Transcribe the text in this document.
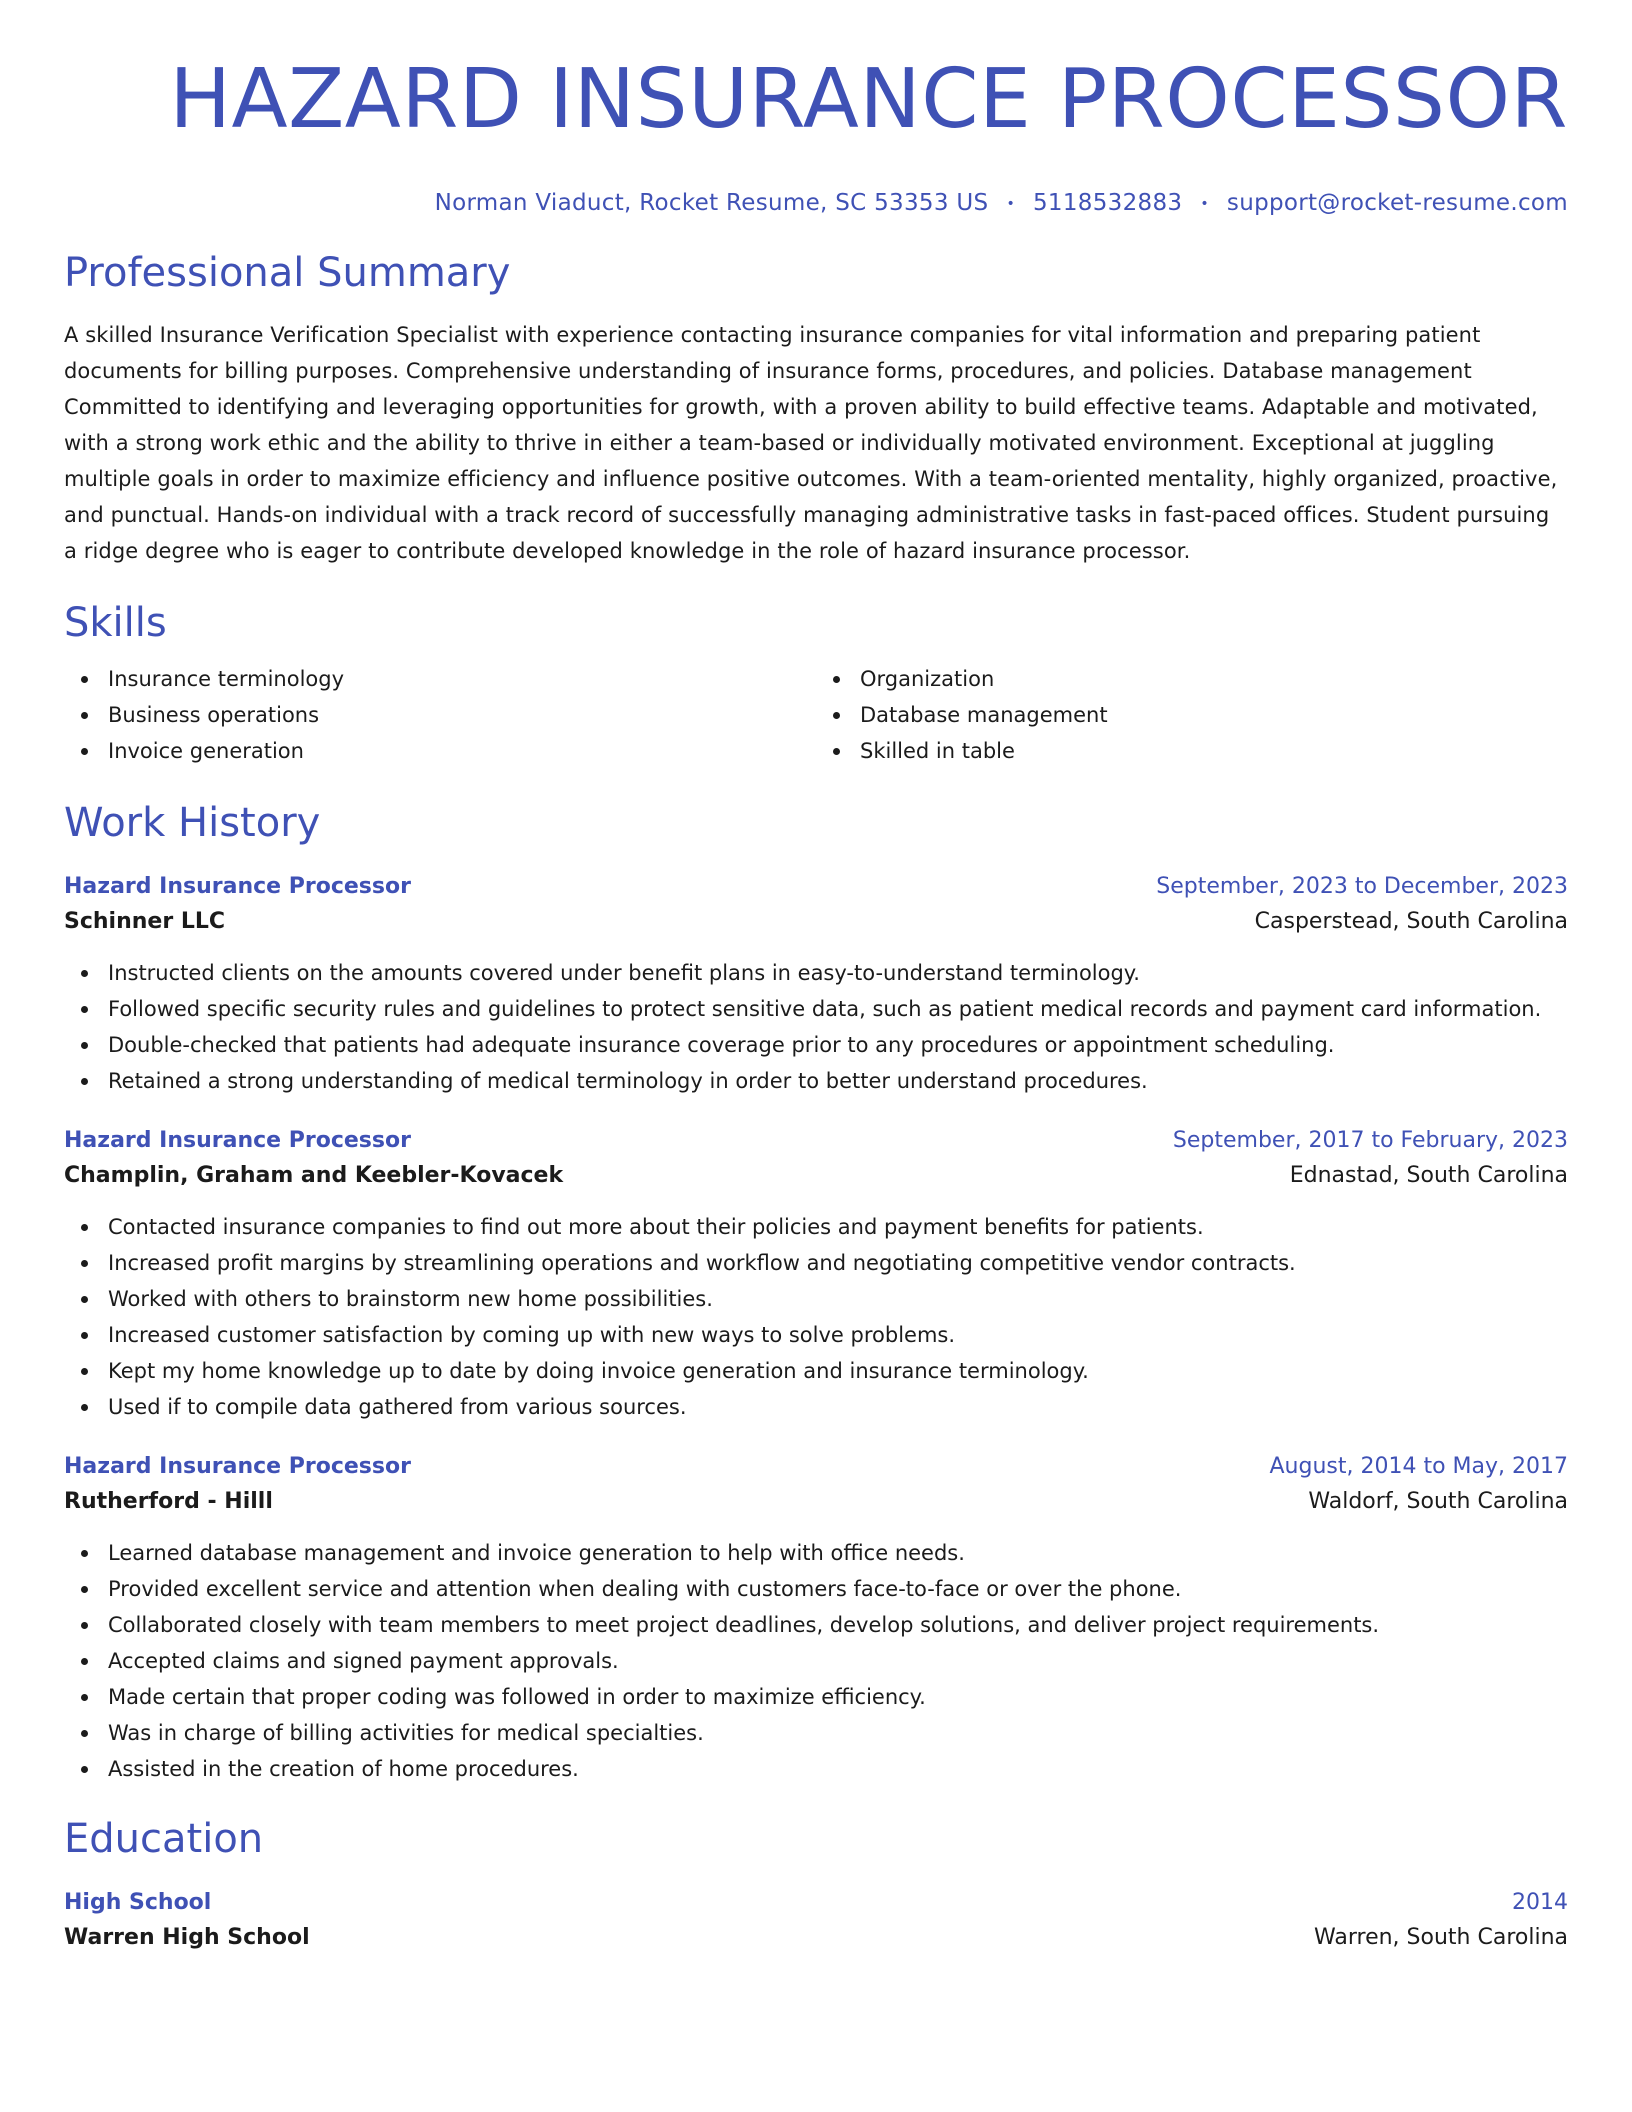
HAZARD INSURANCE PROCESSOR
Norman Viaduct, Rocket Resume, SC 53353 US • 5118532883 • support@rocket-resume.com
Professional Summary

A skilled Insurance Verification Specialist with experience contacting insurance companies for vital information and preparing patient documents for billing purposes. Comprehensive understanding of insurance forms, procedures, and policies. Database management Committed to identifying and leveraging opportunities for growth, with a proven ability to build effective teams. Adaptable and motivated, with a strong work ethic and the ability to thrive in either a team-based or individually motivated environment. Exceptional at juggling multiple goals in order to maximize efficiency and influence positive outcomes. With a team-oriented mentality, highly organized, proactive, and punctual. Hands-on individual with a track record of successfully managing administrative tasks in fast-paced offices. Student pursuing a ridge degree who is eager to contribute developed knowledge in the role of hazard insurance processor.

Skills
Insurance terminology
Business operations
Invoice generation
Organization
Database management
Skilled in table
Work History
Hazard Insurance Processor	September, 2023 to December, 2023
Schinner LLC	Casperstead, South Carolina
Instructed clients on the amounts covered under benefit plans in easy-to-understand terminology.
Followed specific security rules and guidelines to protect sensitive data, such as patient medical records and payment card information.
Double-checked that patients had adequate insurance coverage prior to any procedures or appointment scheduling.
Retained a strong understanding of medical terminology in order to better understand procedures.
Hazard Insurance Processor	September, 2017 to February, 2023
Champlin, Graham and Keebler-Kovacek	Ednastad, South Carolina
Contacted insurance companies to find out more about their policies and payment benefits for patients.
Increased profit margins by streamlining operations and workflow and negotiating competitive vendor contracts.
Worked with others to brainstorm new home possibilities.
Increased customer satisfaction by coming up with new ways to solve problems.
Kept my home knowledge up to date by doing invoice generation and insurance terminology.
Used if to compile data gathered from various sources.
Hazard Insurance Processor	August, 2014 to May, 2017
Rutherford - Hilll	Waldorf, South Carolina
Learned database management and invoice generation to help with office needs.
Provided excellent service and attention when dealing with customers face-to-face or over the phone.
Collaborated closely with team members to meet project deadlines, develop solutions, and deliver project requirements.
Accepted claims and signed payment approvals.
Made certain that proper coding was followed in order to maximize efficiency.
Was in charge of billing activities for medical specialties.
Assisted in the creation of home procedures.
Education
High School	2014
Warren High School	Warren, South Carolina
